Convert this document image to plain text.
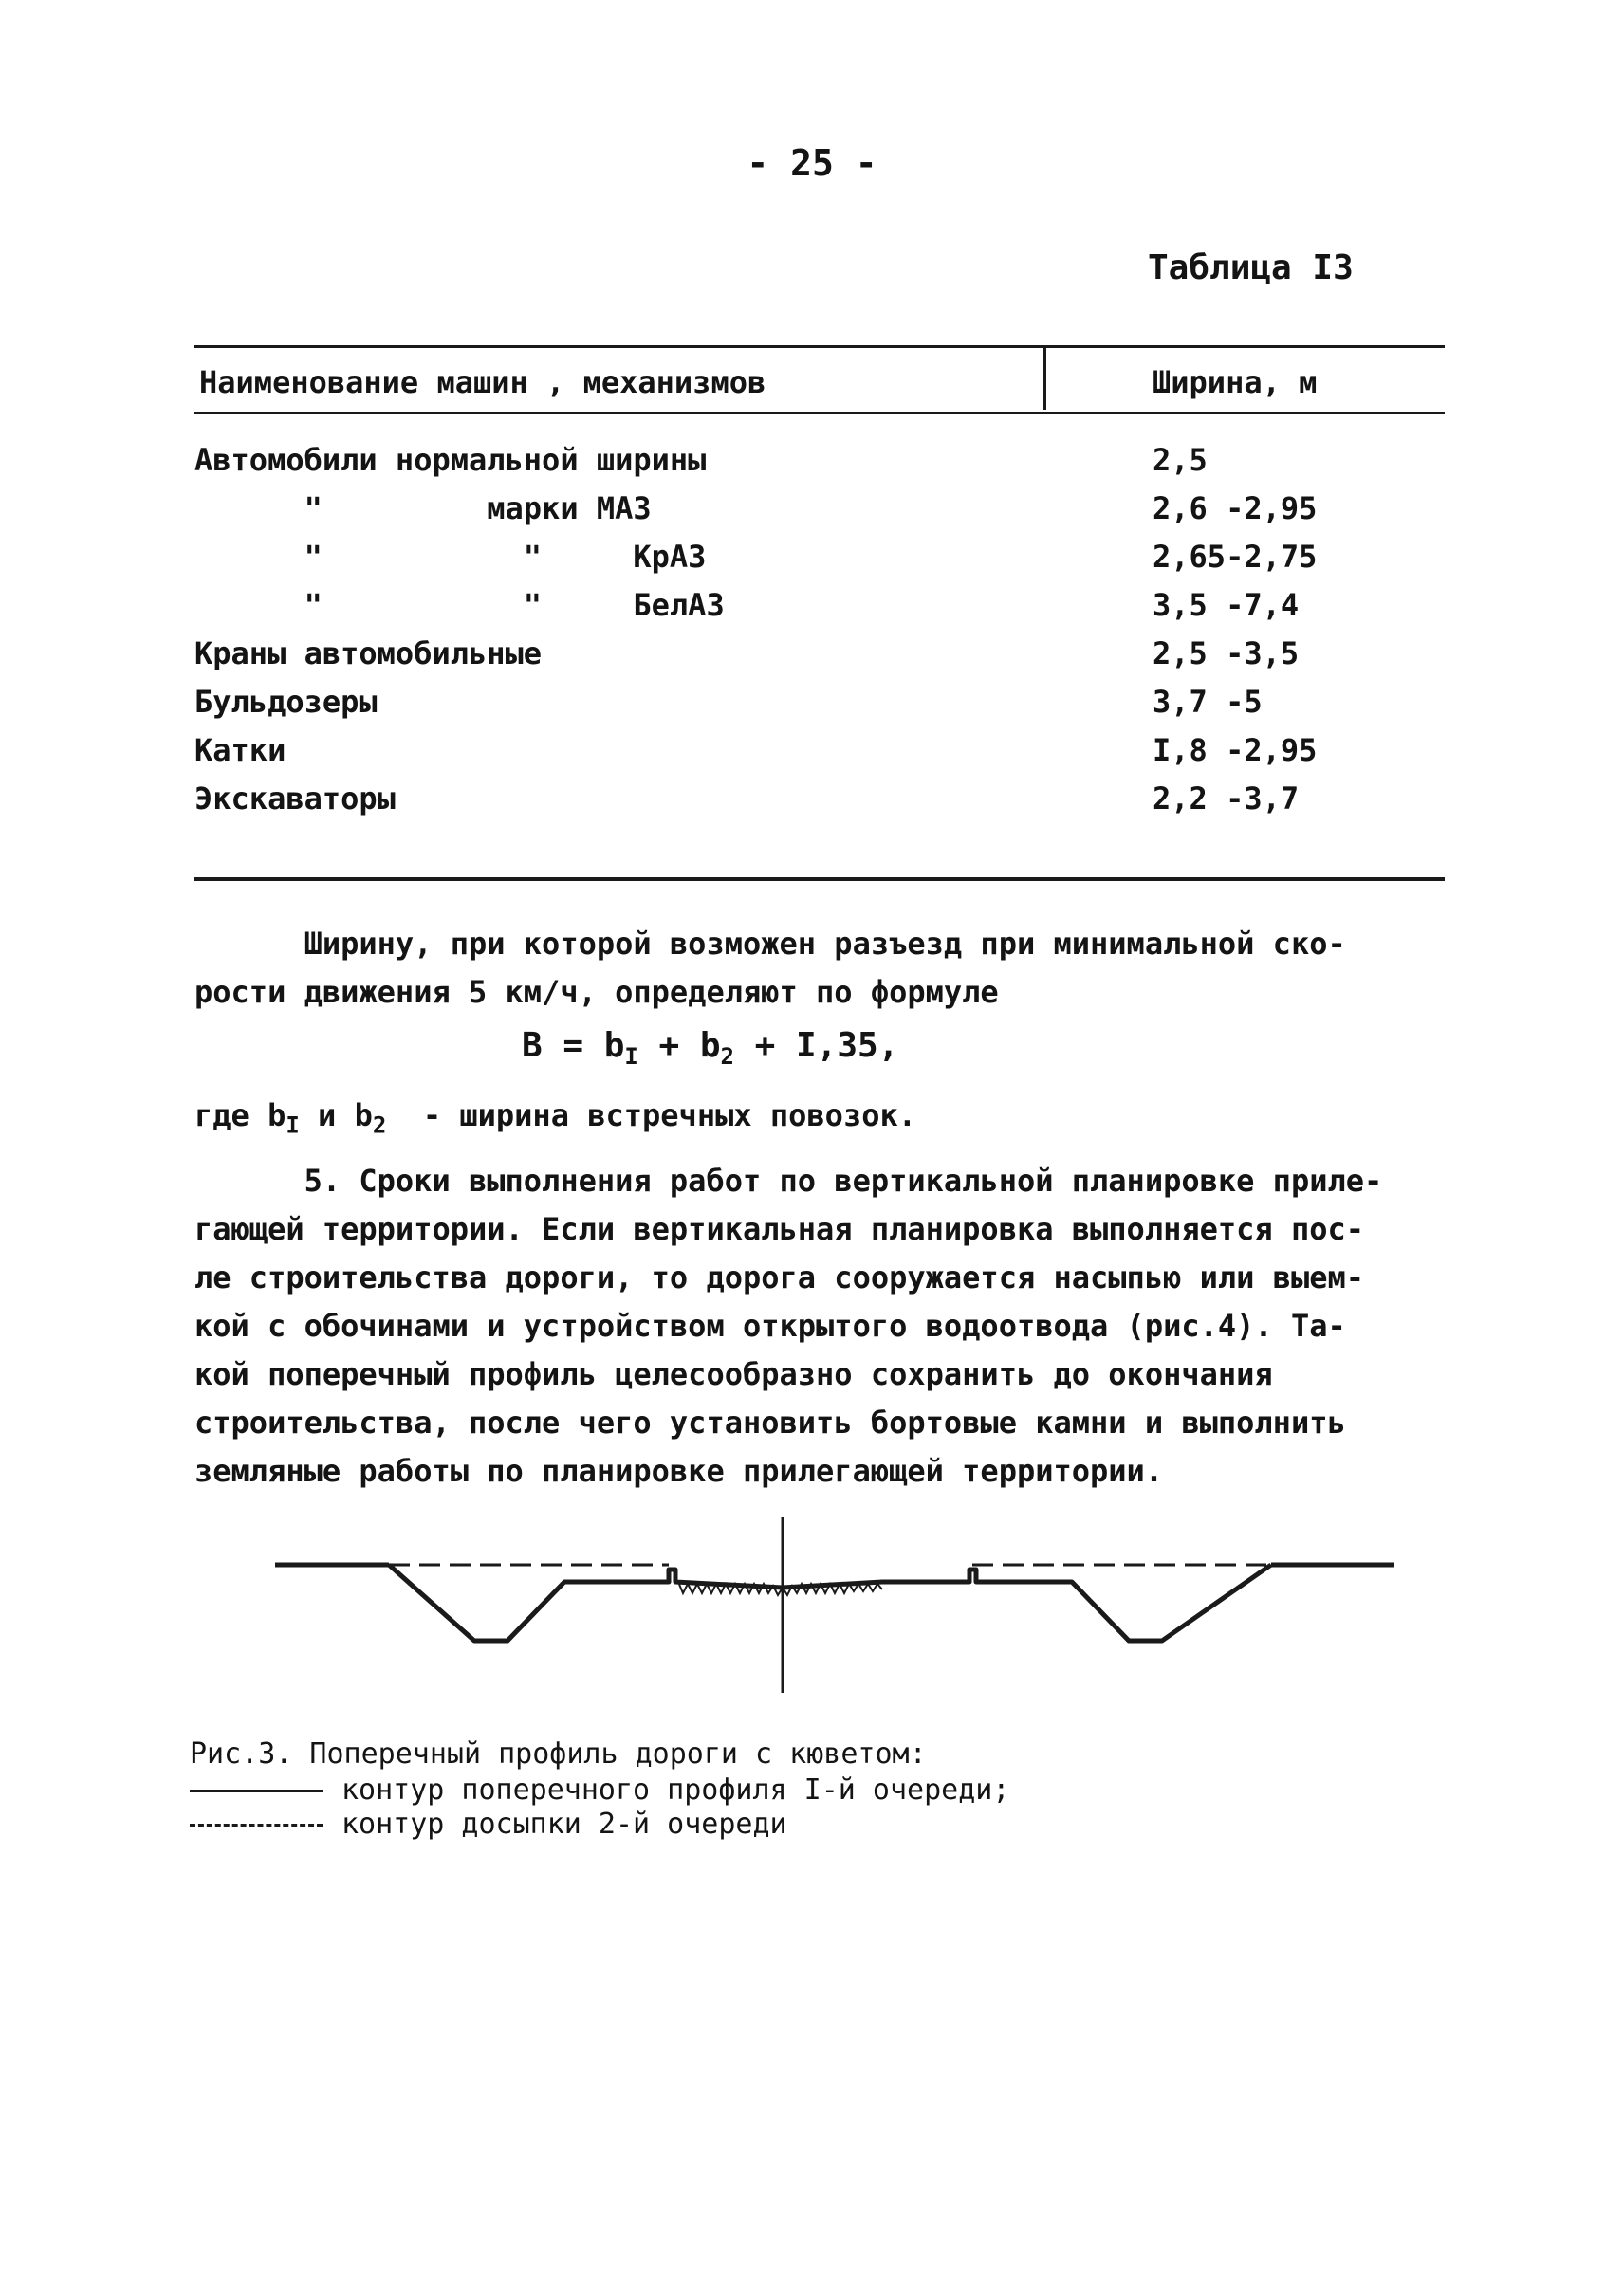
- 25 -
Таблица I3
Наименование машин , механизмов	Ширина, м
Автомобили нормальной ширины	2,5
"         марки МАЗ	2,6 -2,95
"           "     КрАЗ	2,65-2,75
"           "     БелАЗ	3,5 -7,4
Краны автомобильные	2,5 -3,5
Бульдозеры	3,7 -5
Катки	I,8 -2,95
Экскаваторы	2,2 -3,7
Ширину, при которой возможен разъезд при минимальной ско-
рости движения 5 км/ч, определяют по формуле
$B = b_I + b_2 + I,35$,
где $b_I$ и $b_2$  - ширина встречных повозок.
5. Сроки выполнения работ по вертикальной планировке приле-
гающей территории. Если вертикальная планировка выполняется пос-
ле строительства дороги, то дорога сооружается насыпью или выем-
кой с обочинами и устройством открытого водоотвода (рис.4). Та-
кой поперечный профиль целесообразно сохранить до окончания
строительства, после чего установить бортовые камни и выполнить
земляные работы по планировке прилегающей территории.
Рис.3. Поперечный профиль дороги с кюветом:
контур поперечного профиля I-й очереди;
контур досыпки 2-й очереди
